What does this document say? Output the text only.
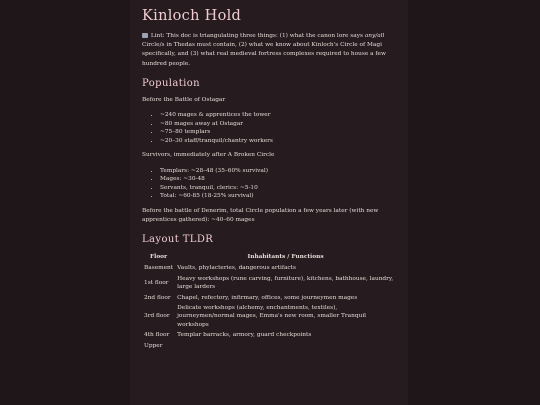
Kinloch Hold

Lint: This doc is triangulating three things: (1) what the canon lore says any/all Circle/s in Thedas must contain, (2) what we know about Kinloch's Circle of Magi specifically, and (3) what real medieval fortress complexes required to house a few hundred people.

Population

Before the Battle of Ostagar

• ~240 mages & apprentices the tower
• ~80 mages away at Ostagar
• ~75–80 templars
• ~20–30 staff/tranquil/chantry workers

Survivors, immediately after A Broken Circle

• Templars: ~28–48 (35–60% survival)
• Mages: ~30-48
• Servants, tranquil, clerics: ~5-10
• Total: ~60-85 (18-25% survival)

Before the battle of Denerim, total Circle population a few years later (with new apprentices gathered): ~40–60 mages

Layout TLDR
Floor	Inhabitants / Functions
Basement	Vaults, phylacteries, dangerous artifacts
1st floor	Heavy workshops (rune carving, furniture), kitchens, bathhouse, laundry, large larders
2nd floor	Chapel, refectory, infirmary, offices, some journeymen mages
3rd floor	Delicate workshops (alchemy, enchantments, textiles), journeymen/normal mages, Emma's new room, smaller Tranquil workshops
4th floor	Templar barracks, armory, guard checkpoints
Upper	
